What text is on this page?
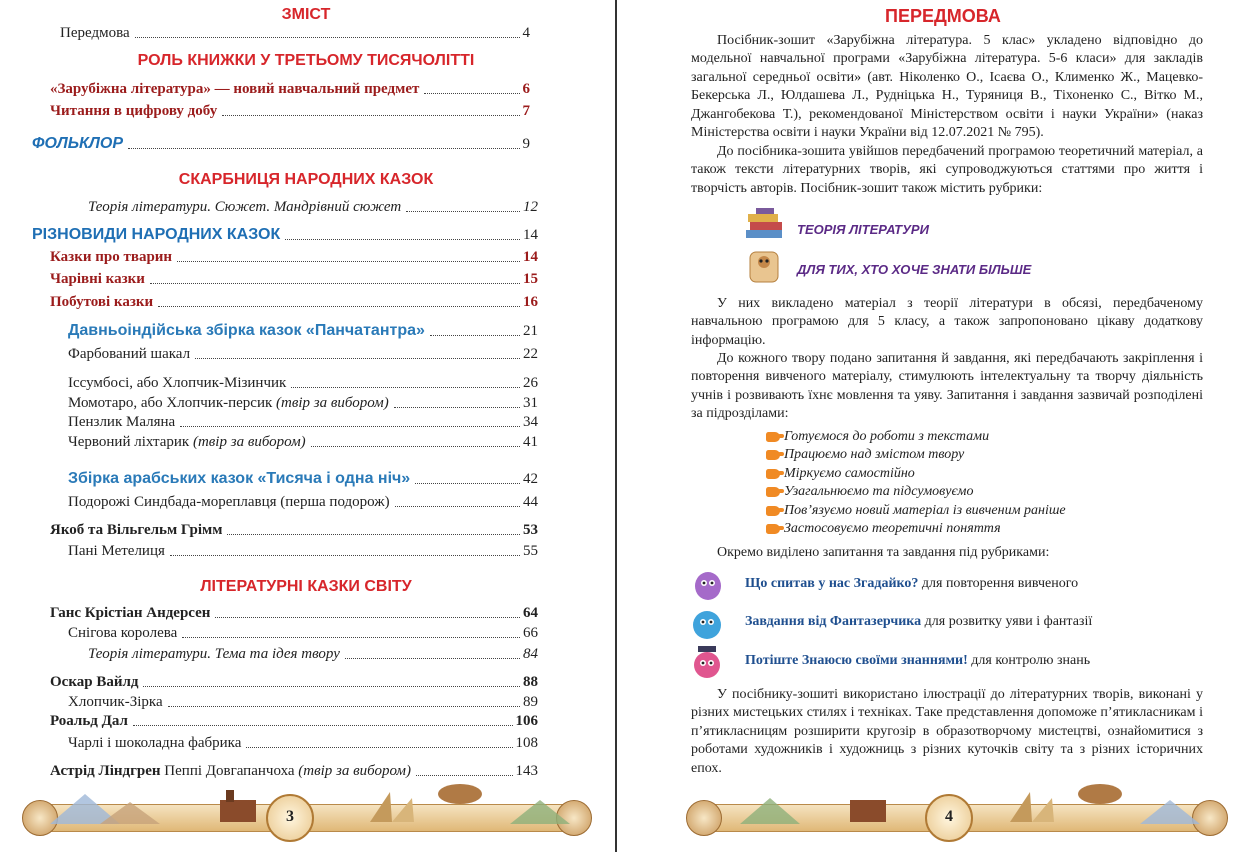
ЗМІСТ
Передмова	4
РОЛЬ КНИЖКИ У ТРЕТЬОМУ ТИСЯЧОЛІТТІ
«Зарубіжна література» — новий навчальний предмет	6
Читання в цифрову добу	7
ФОЛЬКЛОР	9
СКАРБНИЦЯ НАРОДНИХ КАЗОК
Теорія літератури. Сюжет. Мандрівний сюжет	12
РІЗНОВИДИ НАРОДНИХ КАЗОК	14
Казки про тварин	14
Чарівні казки	15
Побутові казки	16
Давньоіндійська збірка казок «Панчатантра»	21
Фарбований шакал	22
Іссумбосі, або Хлопчик-Мізинчик	26
Момотаро, або Хлопчик-персик (твір за вибором)	31
Пензлик Маляна	34
Червоний ліхтарик (твір за вибором)	41
Збірка арабських казок «Тисяча і одна ніч»	42
Подорожі Синдбада-мореплавця (перша подорож)	44
Якоб та Вільгельм Грімм	53
Пані Метелиця	55
ЛІТЕРАТУРНІ КАЗКИ СВІТУ
Ганс Крістіан Андерсен	64
Снігова королева	66
Теорія літератури. Тема та ідея твору	84
Оскар Вайлд	88
Хлопчик-Зірка	89
Роальд Дал	106
Чарлі і шоколадна фабрика	108
Астрід Ліндгрен Пеппі Довгапанчоха (твір за вибором)	143
3
ПЕРЕДМОВА
Посібник-зошит «Зарубіжна література. 5 клас» укладено відповідно до модельної навчальної програми «Зарубіжна література. 5-6 класи» для закладів загальної середньої освіти» (авт. Ніколенко О., Ісаєва О., Клименко Ж., Мацевко-Бекерська Л., Юлдашева Л., Рудніцька Н., Туряниця В., Тіхоненко С., Вітко М., Джангобекова Т.), рекомендованої Міністерством освіти і науки України» (наказ Міністерства освіти і науки України від 12.07.2021 № 795).
До посібника-зошита увійшов передбачений програмою теоретичний матеріал, а також тексти літературних творів, які супроводжуються статтями про життя і творчість авторів. Посібник-зошит також містить рубрики:
ТЕОРІЯ ЛІТЕРАТУРИ
ДЛЯ ТИХ, ХТО ХОЧЕ ЗНАТИ БІЛЬШЕ
У них викладено матеріал з теорії літератури в обсязі, передбаченому навчальною програмою для 5 класу, а також запропоновано цікаву додаткову інформацію.
До кожного твору подано запитання й завдання, які передбачають закріплення і повторення вивченого матеріалу, стимулюють інтелектуальну та творчу діяльність учнів і розвивають їхнє мовлення та уяву. Запитання і завдання зазвичай розподілені за підрозділами:
Готуємося до роботи з текстами
Працюємо над змістом твору
Міркуємо самостійно
Узагальнюємо та підсумовуємо
Пов’язуємо новий матеріал із вивченим раніше
Застосовуємо теоретичні поняття
Окремо виділено запитання та завдання під рубриками:
Що спитав у нас Згадайко? для повторення вивченого
Завдання від Фантазерчика для розвитку уяви і фантазії
Потіште Знаюсю своїми знаннями! для контролю знань
У посібнику-зошиті використано ілюстрації до літературних творів, виконані у різних мистецьких стилях і техніках. Таке представлення допоможе п’ятикласникам і п’ятикласницям розширити кругозір в образотворчому мистецтві, ознайомитися з роботами художників і художниць з різних куточків світу та з різних історичних епох.
4
